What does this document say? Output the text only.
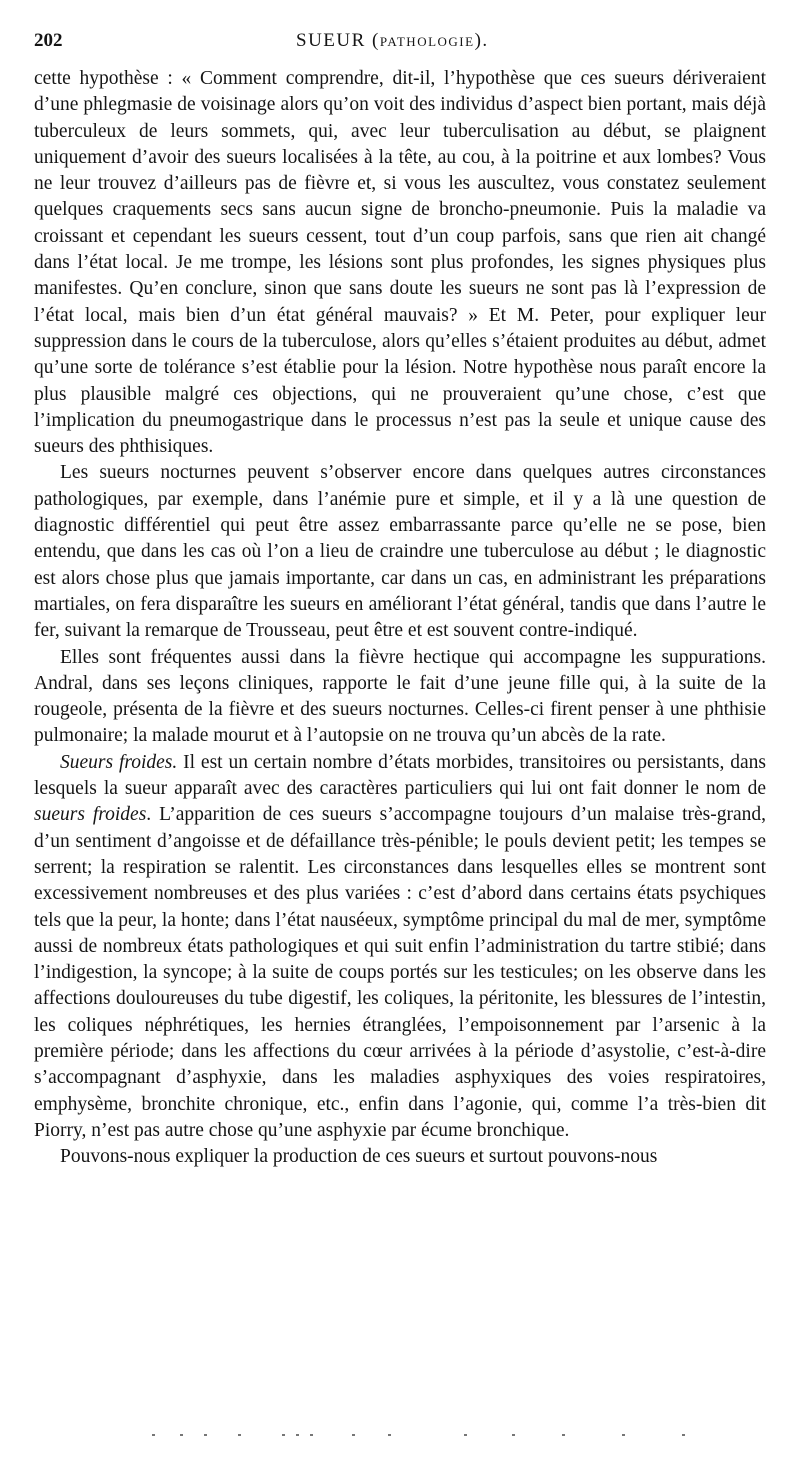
202	SUEUR (PATHOLOGIE).

cette hypothèse : « Comment comprendre, dit-il, l’hypothèse que ces sueurs dériveraient d’une phlegmasie de voisinage alors qu’on voit des individus d’aspect bien portant, mais déjà tuberculeux de leurs sommets, qui, avec leur tuberculisation au début, se plaignent uniquement d’avoir des sueurs localisées à la tête, au cou, à la poitrine et aux lombes? Vous ne leur trouvez d’ailleurs pas de fièvre et, si vous les auscultez, vous constatez seulement quelques craquements secs sans aucun signe de broncho-pneumonie. Puis la maladie va croissant et cependant les sueurs cessent, tout d’un coup parfois, sans que rien ait changé dans l’état local. Je me trompe, les lésions sont plus profondes, les signes physiques plus manifestes. Qu’en conclure, sinon que sans doute les sueurs ne sont pas là l’expression de l’état local, mais bien d’un état général mauvais? » Et M. Peter, pour expliquer leur suppression dans le cours de la tuberculose, alors qu’elles s’étaient produites au début, admet qu’une sorte de tolérance s’est établie pour la lésion. Notre hypothèse nous paraît encore la plus plausible malgré ces objections, qui ne prouveraient qu’une chose, c’est que l’implication du pneumogastrique dans le processus n’est pas la seule et unique cause des sueurs des phthisiques.

Les sueurs nocturnes peuvent s’observer encore dans quelques autres circonstances pathologiques, par exemple, dans l’anémie pure et simple, et il y a là une question de diagnostic différentiel qui peut être assez embarrassante parce qu’elle ne se pose, bien entendu, que dans les cas où l’on a lieu de craindre une tuberculose au début ; le diagnostic est alors chose plus que jamais importante, car dans un cas, en administrant les préparations martiales, on fera disparaître les sueurs en améliorant l’état général, tandis que dans l’autre le fer, suivant la remarque de Trousseau, peut être et est souvent contre-indiqué.

Elles sont fréquentes aussi dans la fièvre hectique qui accompagne les suppurations. Andral, dans ses leçons cliniques, rapporte le fait d’une jeune fille qui, à la suite de la rougeole, présenta de la fièvre et des sueurs nocturnes. Celles-ci firent penser à une phthisie pulmonaire; la malade mourut et à l’autopsie on ne trouva qu’un abcès de la rate.

Sueurs froides. Il est un certain nombre d’états morbides, transitoires ou persistants, dans lesquels la sueur apparaît avec des caractères particuliers qui lui ont fait donner le nom de sueurs froides. L’apparition de ces sueurs s’accompagne toujours d’un malaise très-grand, d’un sentiment d’angoisse et de défaillance très-pénible; le pouls devient petit; les tempes se serrent; la respiration se ralentit. Les circonstances dans lesquelles elles se montrent sont excessivement nombreuses et des plus variées : c’est d’abord dans certains états psychiques tels que la peur, la honte; dans l’état nauséeux, symptôme principal du mal de mer, symptôme aussi de nombreux états pathologiques et qui suit enfin l’administration du tartre stibié; dans l’indigestion, la syncope; à la suite de coups portés sur les testicules; on les observe dans les affections douloureuses du tube digestif, les coliques, la péritonite, les blessures de l’intestin, les coliques néphrétiques, les hernies étranglées, l’empoisonnement par l’arsenic à la première période; dans les affections du cœur arrivées à la période d’asystolie, c’est-à-dire s’accompagnant d’asphyxie, dans les maladies asphyxiques des voies respiratoires, emphysème, bronchite chronique, etc., enfin dans l’agonie, qui, comme l’a très-bien dit Piorry, n’est pas autre chose qu’une asphyxie par écume bronchique.

Pouvons-nous expliquer la production de ces sueurs et surtout pouvons-nous
